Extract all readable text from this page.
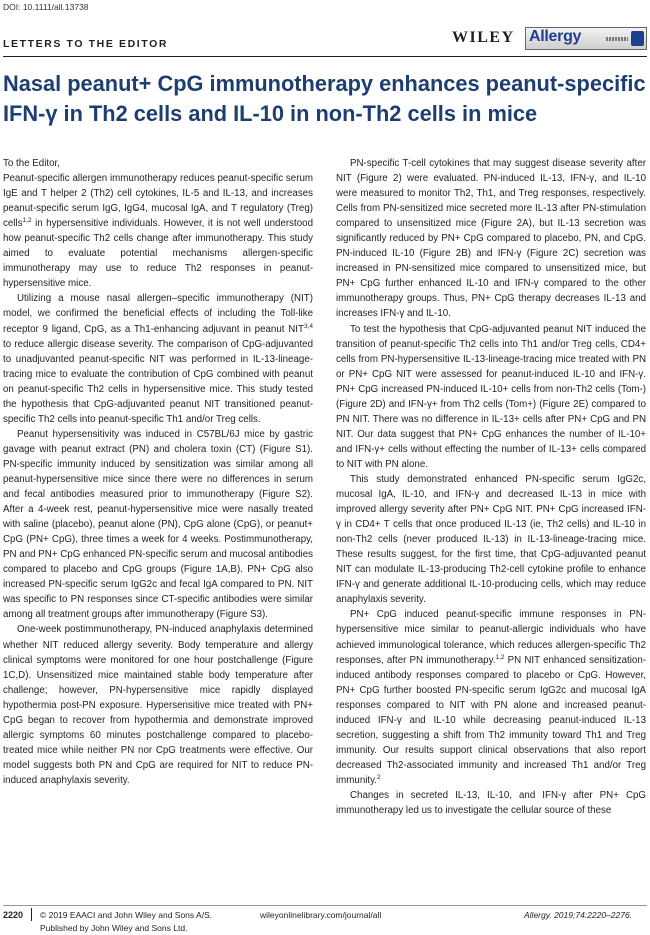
DOI: 10.1111/all.13738
LETTERS TO THE EDITOR	WILEY Allergy
Nasal peanut+ CpG immunotherapy enhances peanut-specific IFN-γ in Th2 cells and IL-10 in non-Th2 cells in mice

To the Editor,

Peanut-specific allergen immunotherapy reduces peanut-specific serum IgE and T helper 2 (Th2) cell cytokines, IL-5 and IL-13, and increases peanut-specific serum IgG, IgG4, mucosal IgA, and T regulatory (Treg) cells$^{1,2}$ in hypersensitive individuals. However, it is not well understood how peanut-specific Th2 cells change after immunotherapy. This study aimed to evaluate potential mechanisms allergen-specific immunotherapy may use to reduce Th2 responses in peanut-hypersensitive mice.

Utilizing a mouse nasal allergen–specific immunotherapy (NIT) model, we confirmed the beneficial effects of including the Toll-like receptor 9 ligand, CpG, as a Th1-enhancing adjuvant in peanut NIT$^{3,4}$ to reduce allergic disease severity. The comparison of CpG-adjuvanted to unadjuvanted peanut-specific NIT was performed in IL-13-lineage-tracing mice to evaluate the contribution of CpG combined with peanut on peanut-specific Th2 cells in hypersensitive mice. This study tested the hypothesis that CpG-adjuvanted peanut NIT transitioned peanut-specific Th2 cells into peanut-specific Th1 and/or Treg cells.

Peanut hypersensitivity was induced in C57BL/6J mice by gastric gavage with peanut extract (PN) and cholera toxin (CT) (Figure S1). PN-specific immunity induced by sensitization was similar among all peanut-hypersensitive mice since there were no differences in serum and fecal antibodies measured prior to immunotherapy (Figure S2). After a 4-week rest, peanut-hypersensitive mice were nasally treated with saline (placebo), peanut alone (PN), CpG alone (CpG), or peanut+ CpG (PN+ CpG), three times a week for 4 weeks. Postimmunotherapy, PN and PN+ CpG enhanced PN-specific serum and mucosal antibodies compared to placebo and CpG groups (Figure 1A,B). PN+ CpG also increased PN-specific serum IgG2c and fecal IgA compared to PN. NIT was specific to PN responses since CT-specific antibodies were similar among all treatment groups after immunotherapy (Figure S3).

One-week postimmunotherapy, PN-induced anaphylaxis determined whether NIT reduced allergy severity. Body temperature and allergy clinical symptoms were monitored for one hour postchallenge (Figure 1C,D). Unsensitized mice maintained stable body temperature after challenge; however, PN-hypersensitive mice rapidly displayed hypothermia post-PN exposure. Hypersensitive mice treated with PN+ CpG began to recover from hypothermia and demonstrate improved allergic symptoms 60 minutes postchallenge compared to placebo-treated mice while neither PN nor CpG treatments were effective. Our model suggests both PN and CpG are required for NIT to reduce PN-induced anaphylaxis severity.

PN-specific T-cell cytokines that may suggest disease severity after NIT (Figure 2) were evaluated. PN-induced IL-13, IFN-γ, and IL-10 were measured to monitor Th2, Th1, and Treg responses, respectively. Cells from PN-sensitized mice secreted more IL-13 after PN-stimulation compared to unsensitized mice (Figure 2A), but IL-13 secretion was significantly reduced by PN+ CpG compared to placebo, PN, and CpG. PN-induced IL-10 (Figure 2B) and IFN-γ (Figure 2C) secretion was increased in PN-sensitized mice compared to unsensitized mice, but PN+ CpG further enhanced IL-10 and IFN-γ compared to the other immunotherapy groups. Thus, PN+ CpG therapy decreases IL-13 and increases IFN-γ and IL-10.

To test the hypothesis that CpG-adjuvanted peanut NIT induced the transition of peanut-specific Th2 cells into Th1 and/or Treg cells, CD4+ cells from PN-hypersensitive IL-13-lineage-tracing mice treated with PN or PN+ CpG NIT were assessed for peanut-induced IL-10 and IFN-γ. PN+ CpG increased PN-induced IL-10+ cells from non-Th2 cells (Tom-) (Figure 2D) and IFN-γ+ from Th2 cells (Tom+) (Figure 2E) compared to PN NIT. There was no difference in IL-13+ cells after PN+ CpG and PN NIT. Our data suggest that PN+ CpG enhances the number of IL-10+ and IFN-γ+ cells without effecting the number of IL-13+ cells compared to NIT with PN alone.

This study demonstrated enhanced PN-specific serum IgG2c, mucosal IgA, IL-10, and IFN-γ and decreased IL-13 in mice with improved allergy severity after PN+ CpG NIT. PN+ CpG increased IFN-γ in CD4+ T cells that once produced IL-13 (ie, Th2 cells) and IL-10 in non-Th2 cells (never produced IL-13) in IL-13-lineage-tracing mice. These results suggest, for the first time, that CpG-adjuvanted peanut NIT can modulate IL-13-producing Th2-cell cytokine profile to enhance IFN-γ and generate additional IL-10-producing cells, which may reduce anaphylaxis severity.

PN+ CpG induced peanut-specific immune responses in PN-hypersensitive mice similar to peanut-allergic individuals who have achieved immunological tolerance, which reduces allergen-specific Th2 responses, after PN immunotherapy.$^{1,2}$ PN NIT enhanced sensitization-induced antibody responses compared to placebo or CpG. However, PN+ CpG further boosted PN-specific serum IgG2c and mucosal IgA responses compared to NIT with PN alone and increased peanut-induced IFN-γ and IL-10 while decreasing peanut-induced IL-13 secretion, suggesting a shift from Th2 immunity toward Th1 and Treg immunity. Our results support clinical observations that also report decreased Th2-associated immunity and increased Th1 and/or Treg immunity.$^2$

Changes in secreted IL-13, IL-10, and IFN-γ after PN+ CpG immunotherapy led us to investigate the cellular source of these

2220 © 2019 EAACI and John Wiley and Sons A/S.
Published by John Wiley and Sons Ltd.
wileyonlinelibrary.com/journal/all	Allergy. 2019;74:2220–2276.
